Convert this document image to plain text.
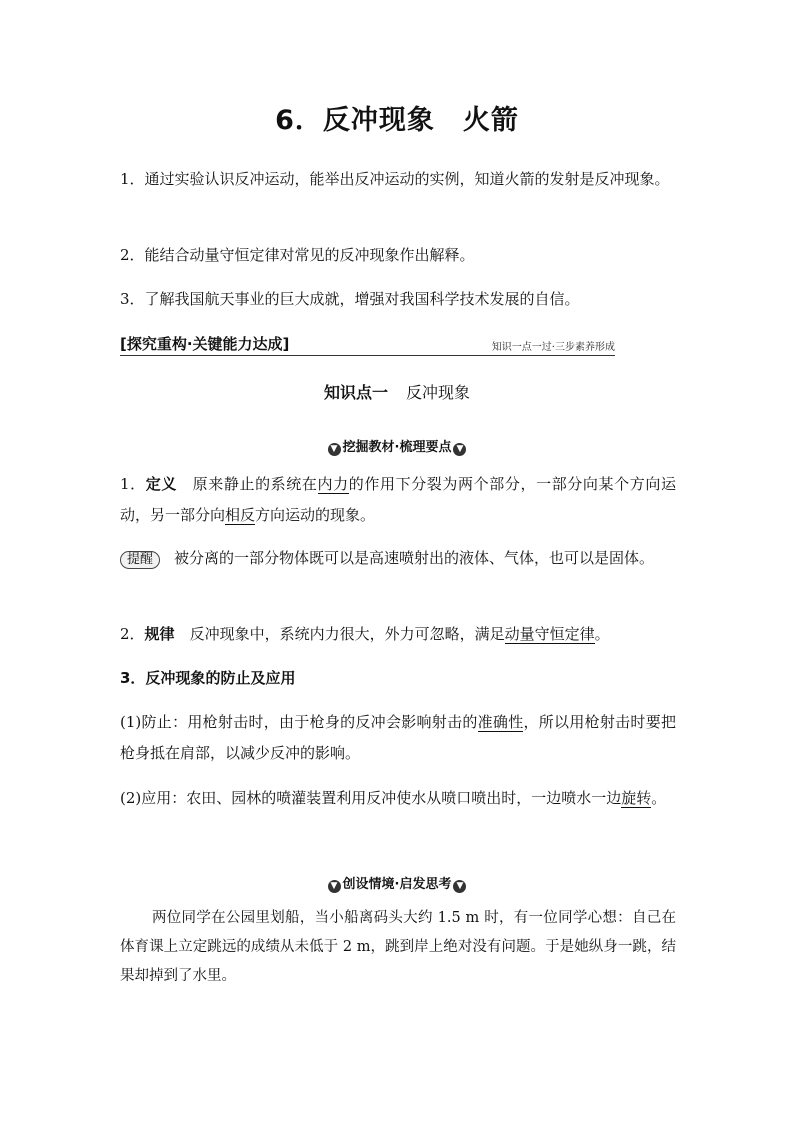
6．反冲现象　火箭
1．通过实验认识反冲运动，能举出反冲运动的实例，知道火箭的发射是反冲现象。
2．能结合动量守恒定律对常见的反冲现象作出解释。
3．了解我国航天事业的巨大成就，增强对我国科学技术发展的自信。
[探究重构·关键能力达成]	知识一点一过·三步素养形成
知识点一 反冲现象
▼ 挖掘教材·梳理要点 ▼
1．定义　 原来静止的系统在内力的作用下分裂为两个部分，一部分向某个方向运动，另一部分向相反方向运动的现象。
提醒 被分离的一部分物体既可以是高速喷射出的液体、气体，也可以是固体。
2．规律　 反冲现象中，系统内力很大，外力可忽略，满足动量守恒定律。
3．反冲现象的防止及应用
(1)防止：用枪射击时，由于枪身的反冲会影响射击的准确性，所以用枪射击时要把枪身抵在肩部，以减少反冲的影响。
(2)应用：农田、园林的喷灌装置利用反冲使水从喷口喷出时，一边喷水一边旋转。
▼ 创设情境·启发思考 ▼
两位同学在公园里划船，当小船离码头大约 1.5 m 时，有一位同学心想：自己在体育课上立定跳远的成绩从未低于 2 m，跳到岸上绝对没有问题。于是她纵身一跳，结果却掉到了水里。
